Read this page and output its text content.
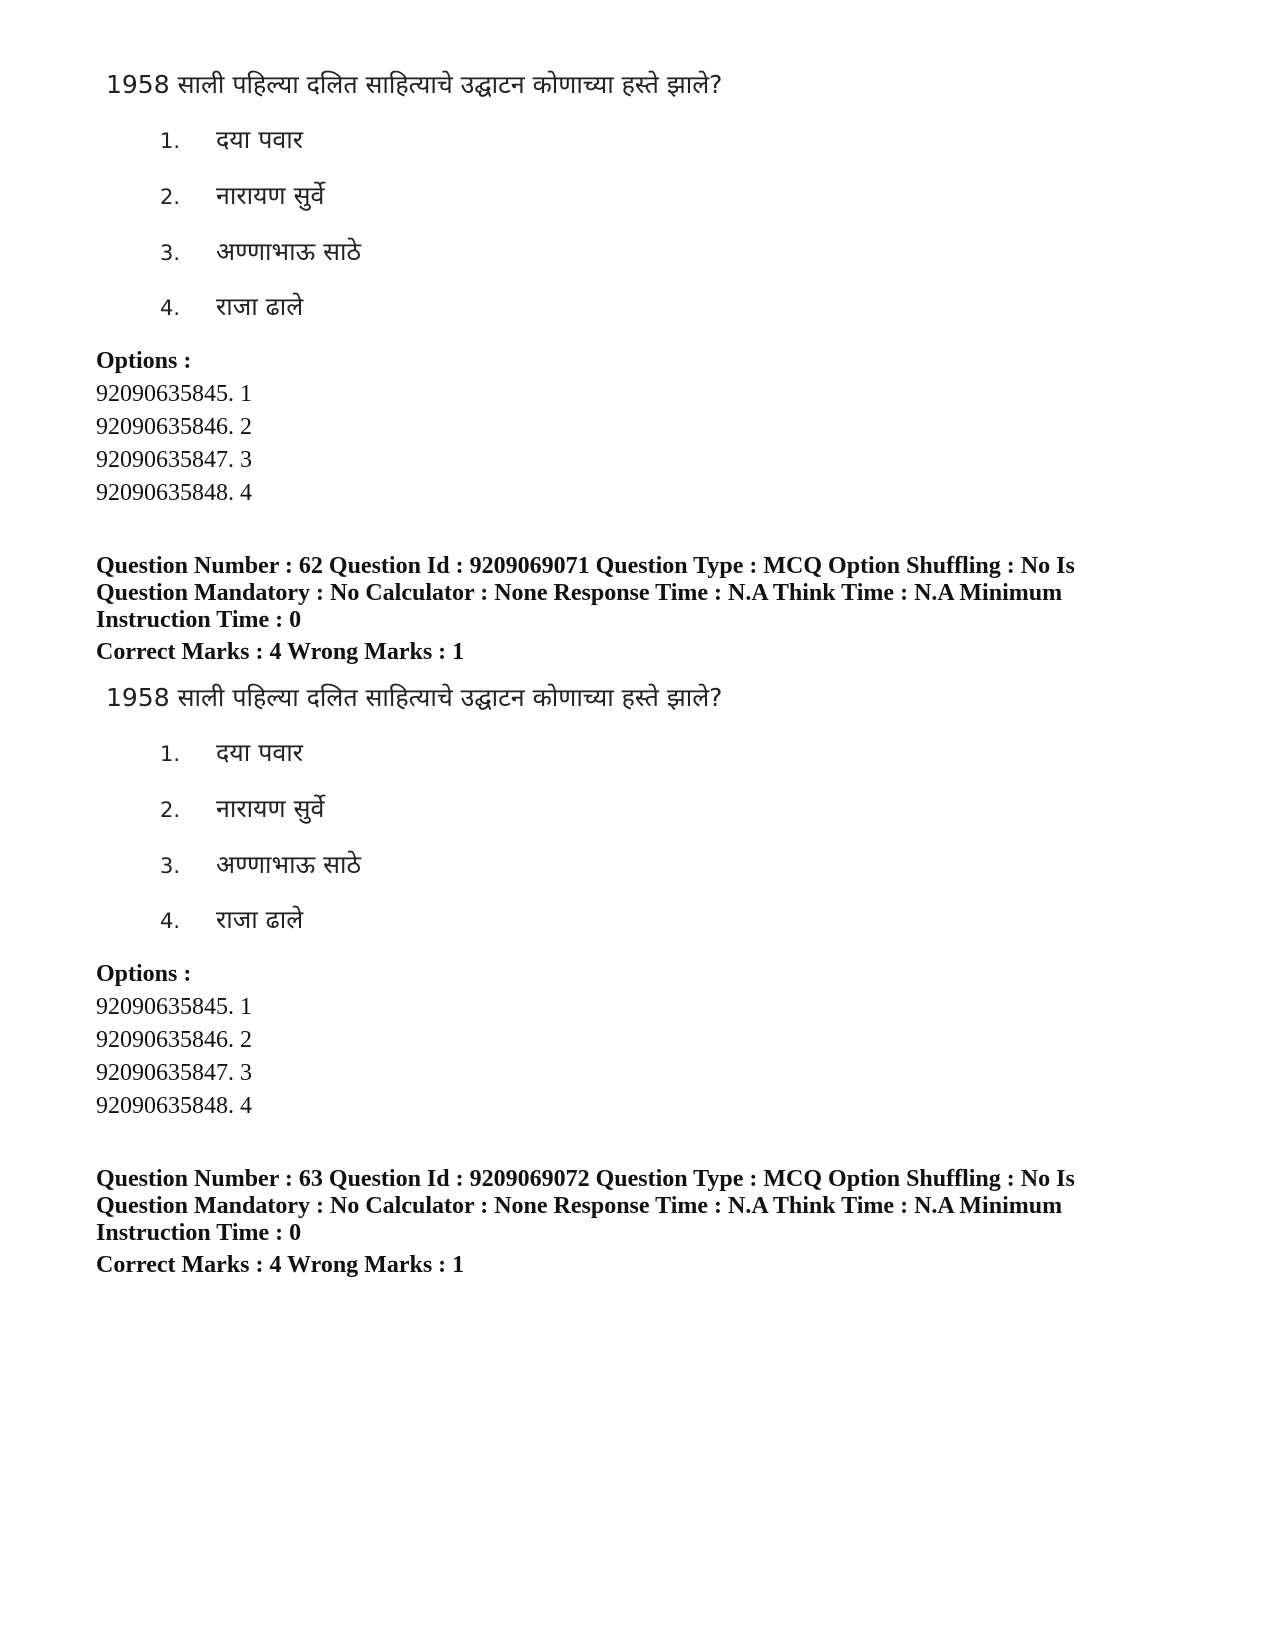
1958 साली पहिल्या दलित साहित्याचे उद्घाटन कोणाच्या हस्ते झाले?
1. दया पवार
2. नारायण सुर्वे
3. अण्णाभाऊ साठे
4. राजा ढाले
Options :
92090635845. 1
92090635846. 2
92090635847. 3
92090635848. 4
Question Number : 62 Question Id : 9209069071 Question Type : MCQ Option Shuffling : No Is
Question Mandatory : No Calculator : None Response Time : N.A Think Time : N.A Minimum
Instruction Time : 0
Correct Marks : 4 Wrong Marks : 1
1958 साली पहिल्या दलित साहित्याचे उद्घाटन कोणाच्या हस्ते झाले?
1. दया पवार
2. नारायण सुर्वे
3. अण्णाभाऊ साठे
4. राजा ढाले
Options :
92090635845. 1
92090635846. 2
92090635847. 3
92090635848. 4
Question Number : 63 Question Id : 9209069072 Question Type : MCQ Option Shuffling : No Is
Question Mandatory : No Calculator : None Response Time : N.A Think Time : N.A Minimum
Instruction Time : 0
Correct Marks : 4 Wrong Marks : 1
